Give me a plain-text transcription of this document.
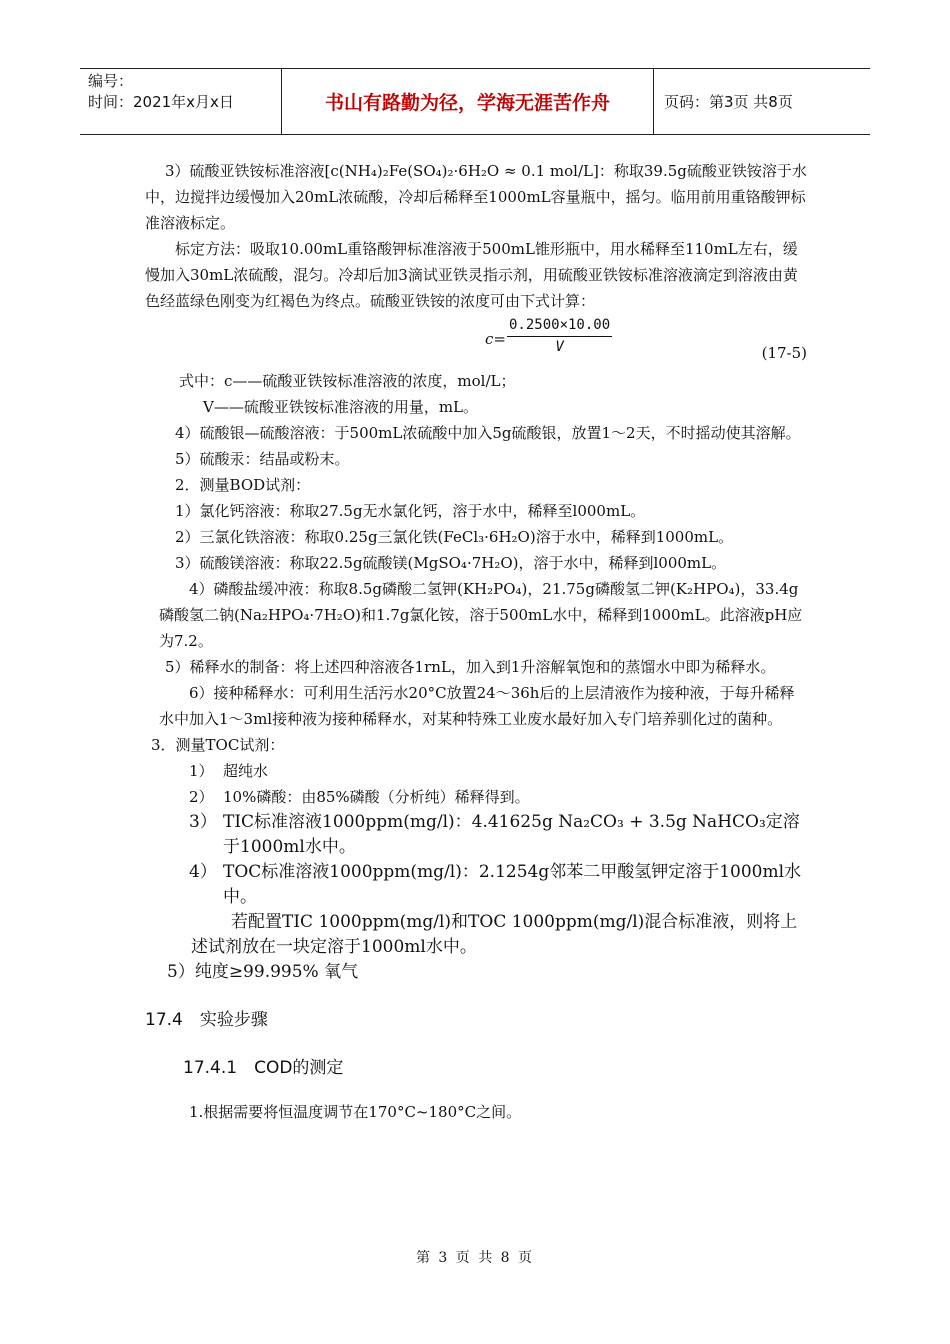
编号：
时间：2021年x月x日	书山有路勤为径，学海无涯苦作舟	页码：第3页 共8页

3）硫酸亚铁铵标准溶液[c(NH₄)₂Fe(SO₄)₂·6H₂O ≈ 0.1 mol/L]：称取39.5g硫酸亚铁铵溶于水中，边搅拌边缓慢加入20mL浓硫酸，冷却后稀释至1000mL容量瓶中，摇匀。临用前用重铬酸钾标准溶液标定。

标定方法：吸取10.00mL重铬酸钾标准溶液于500mL锥形瓶中，用水稀释至110mL左右，缓慢加入30mL浓硫酸，混匀。冷却后加3滴试亚铁灵指示剂，用硫酸亚铁铵标准溶液滴定到溶液由黄色经蓝绿色刚变为红褐色为终点。硫酸亚铁铵的浓度可由下式计算：

$c= \frac{0.2500\times 10.00}{V}$	(17-5)

式中：c——硫酸亚铁铵标准溶液的浓度，mol/L；

V——硫酸亚铁铵标准溶液的用量，mL。

4）硫酸银—硫酸溶液：于500mL浓硫酸中加入5g硫酸银，放置1～2天，不时摇动使其溶解。

5）硫酸汞：结晶或粉末。

2．测量BOD试剂：

1）氯化钙溶液：称取27.5g无水氯化钙，溶于水中，稀释至l000mL。

2）三氯化铁溶液：称取0.25g三氯化铁(FeCl₃·6H₂O)溶于水中，稀释到1000mL。

3）硫酸镁溶液：称取22.5g硫酸镁(MgSO₄·7H₂O)，溶于水中，稀释到l000mL。

4）磷酸盐缓冲液：称取8.5g磷酸二氢钾(KH₂PO₄)，21.75g磷酸氢二钾(K₂HPO₄)，33.4g磷酸氢二钠(Na₂HPO₄·7H₂O)和1.7g氯化铵，溶于500mL水中，稀释到1000mL。此溶液pH应为7.2。

5）稀释水的制备：将上述四种溶液各1rnL，加入到1升溶解氧饱和的蒸馏水中即为稀释水。

6）接种稀释水：可利用生活污水20°C放置24～36h后的上层清液作为接种液，于每升稀释水中加入1～3ml接种液为接种稀释水，对某种特殊工业废水最好加入专门培养驯化过的菌种。

3．测量TOC试剂：

1） 超纯水
2） 10%磷酸：由85%磷酸（分析纯）稀释得到。
3） TIC标准溶液1000ppm(mg/l)：4.41625g Na₂CO₃ + 3.5g NaHCO₃定溶于1000ml水中。
4） TOC标准溶液1000ppm(mg/l)：2.1254g邻苯二甲酸氢钾定溶于1000ml水中。

若配置TIC 1000ppm(mg/l)和TOC 1000ppm(mg/l)混合标准液，则将上述试剂放在一块定溶于1000ml水中。

5）纯度≥99.995% 氧气

17.4　实验步骤

17.4.1　COD的测定

1.根据需要将恒温度调节在170°C~180°C之间。

第 3 页 共 8 页
